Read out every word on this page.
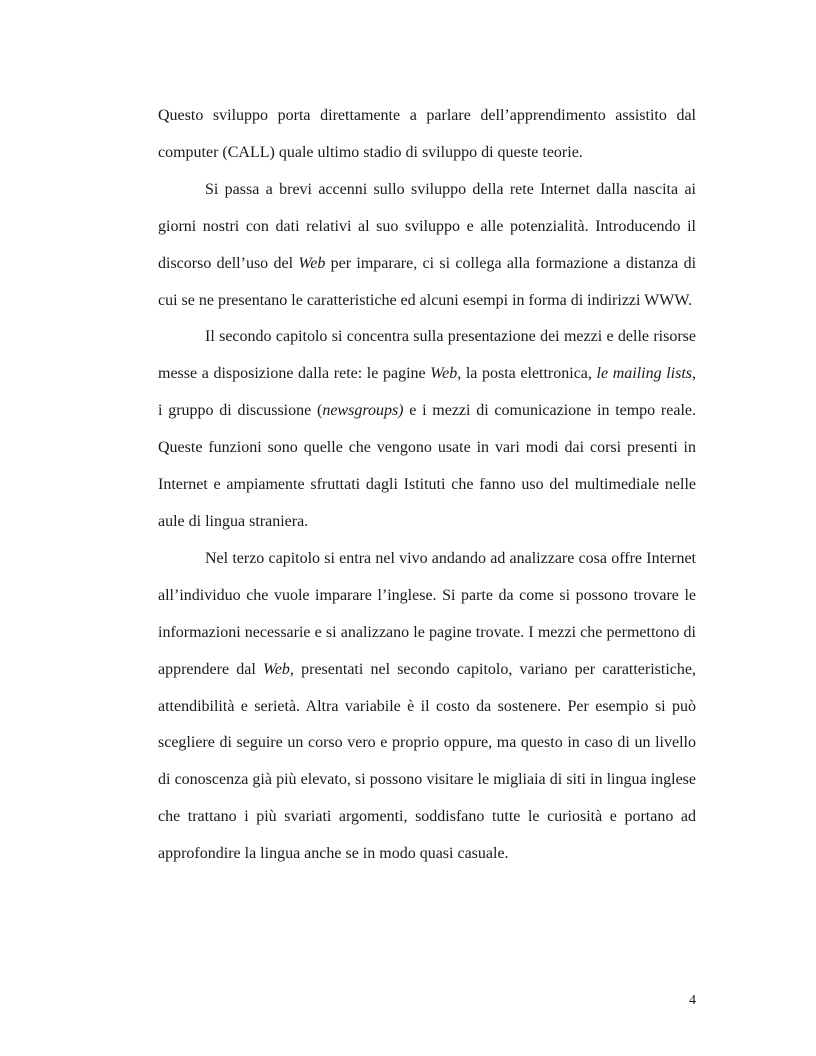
Questo sviluppo porta direttamente a parlare dell’apprendimento assistito dal computer (CALL) quale ultimo stadio di sviluppo di queste teorie.

Si passa a brevi accenni sullo sviluppo della rete Internet dalla nascita ai giorni nostri con dati relativi al suo sviluppo e alle potenzialità. Introducendo il discorso dell’uso del Web per imparare, ci si collega alla formazione a distanza di cui se ne presentano le caratteristiche ed alcuni esempi in forma di indirizzi WWW.

Il secondo capitolo si concentra sulla presentazione dei mezzi e delle risorse messe a disposizione dalla rete: le pagine Web, la posta elettronica, le mailing lists, i gruppo di discussione (newsgroups) e i mezzi di comunicazione in tempo reale. Queste funzioni sono quelle che vengono usate in vari modi dai corsi presenti in Internet e ampiamente sfruttati dagli Istituti che fanno uso del multimediale nelle aule di lingua straniera.

Nel terzo capitolo si entra nel vivo andando ad analizzare cosa offre Internet all’individuo che vuole imparare l’inglese. Si parte da come si possono trovare le informazioni necessarie e si analizzano le pagine trovate. I mezzi che permettono di apprendere dal Web, presentati nel secondo capitolo, variano per caratteristiche, attendibilità e serietà. Altra variabile è il costo da sostenere. Per esempio si può scegliere di seguire un corso vero e proprio oppure, ma questo in caso di un livello di conoscenza già più elevato, si possono visitare le migliaia di siti in lingua inglese che trattano i più svariati argomenti, soddisfano tutte le curiosità e portano ad approfondire la lingua anche se in modo quasi casuale.

4
